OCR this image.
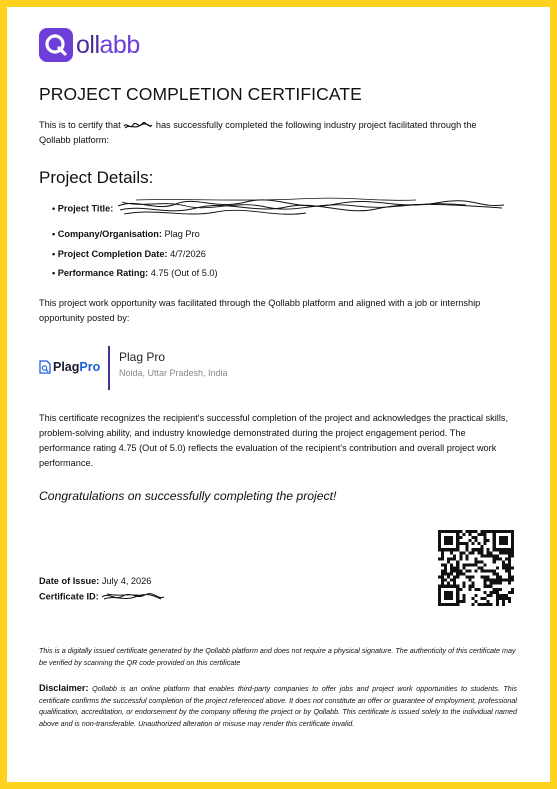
ollabb
PROJECT COMPLETION CERTIFICATE

This is to certify that	has successfully completed the following industry project facilitated through the Qollabb platform:

Project Details:
• Project Title:
• Company/Organisation: Plag Pro
• Project Completion Date: 4/7/2026
• Performance Rating: 4.75 (Out of 5.0)

This project work opportunity was facilitated through the Qollabb platform and aligned with a job or internship opportunity posted by:

PlagPro
Plag Pro
Noida, Uttar Pradesh, India

This certificate recognizes the recipient's successful completion of the project and acknowledges the practical skills, problem-solving ability, and industry knowledge demonstrated during the project engagement period. The performance rating 4.75 (Out of 5.0) reflects the evaluation of the recipient's contribution and overall project work performance.

Congratulations on successfully completing the project!

Date of Issue: July 4, 2026
Certificate ID:

This is a digitally issued certificate generated by the Qollabb platform and does not require a physical signature. The authenticity of this certificate may be verified by scanning the QR code provided on this certificate

Disclaimer: Qollabb is an online platform that enables third-party companies to offer jobs and project work opportunities to students. This certificate confirms the successful completion of the project referenced above. It does not constitute an offer or guarantee of employment, professional qualification, accreditation, or endorsement by the company offering the project or by Qollabb. This certificate is issued solely to the individual named above and is non-transferable. Unauthorized alteration or misuse may render this certificate invalid.
